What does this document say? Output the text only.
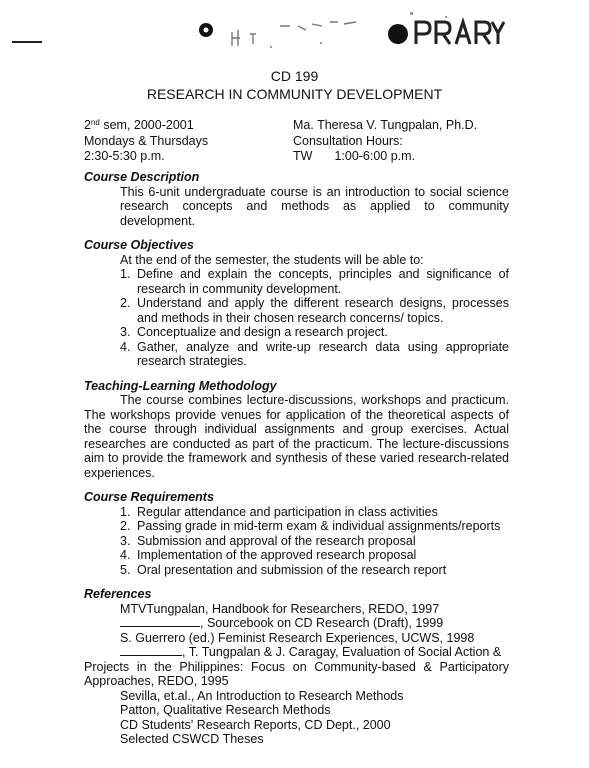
CD 199
RESEARCH IN COMMUNITY DEVELOPMENT
2nd sem, 2000-2001
Mondays & Thursdays
2:30-5:30 p.m.
Ma. Theresa V. Tungpalan, Ph.D.
Consultation Hours:
TW 1:00-6:00 p.m.

Course Description

This 6-unit undergraduate course is an introduction to social science research concepts and methods as applied to community development.

Course Objectives

At the end of the semester, the students will be able to:

1. Define and explain the concepts, principles and significance of research in community development.
2. Understand and apply the different research designs, processes and methods in their chosen research concerns/ topics.
3. Conceptualize and design a research project.
4. Gather, analyze and write-up research data using appropriate research strategies.

Teaching-Learning Methodology

The course combines lecture-discussions, workshops and practicum. The workshops provide venues for application of the theoretical aspects of the course through individual assignments and group exercises. Actual researches are conducted as part of the practicum. The lecture-discussions aim to provide the framework and synthesis of these varied research-related experiences.

Course Requirements

1. Regular attendance and participation in class activities
2. Passing grade in mid-term exam & individual assignments/reports
3. Submission and approval of the research proposal
4. Implementation of the approved research proposal
5. Oral presentation and submission of the research report

References

MTVTungpalan, Handbook for Researchers, REDO, 1997
, Sourcebook on CD Research (Draft), 1999
S. Guerrero (ed.) Feminist Research Experiences, UCWS, 1998
, T. Tungpalan & J. Caragay, Evaluation of Social Action &
Projects in the Philippines: Focus on Community-based & Participatory Approaches, REDO, 1995
Sevilla, et.al., An Introduction to Research Methods
Patton, Qualitative Research Methods
CD Students' Research Reports, CD Dept., 2000
Selected CSWCD Theses
